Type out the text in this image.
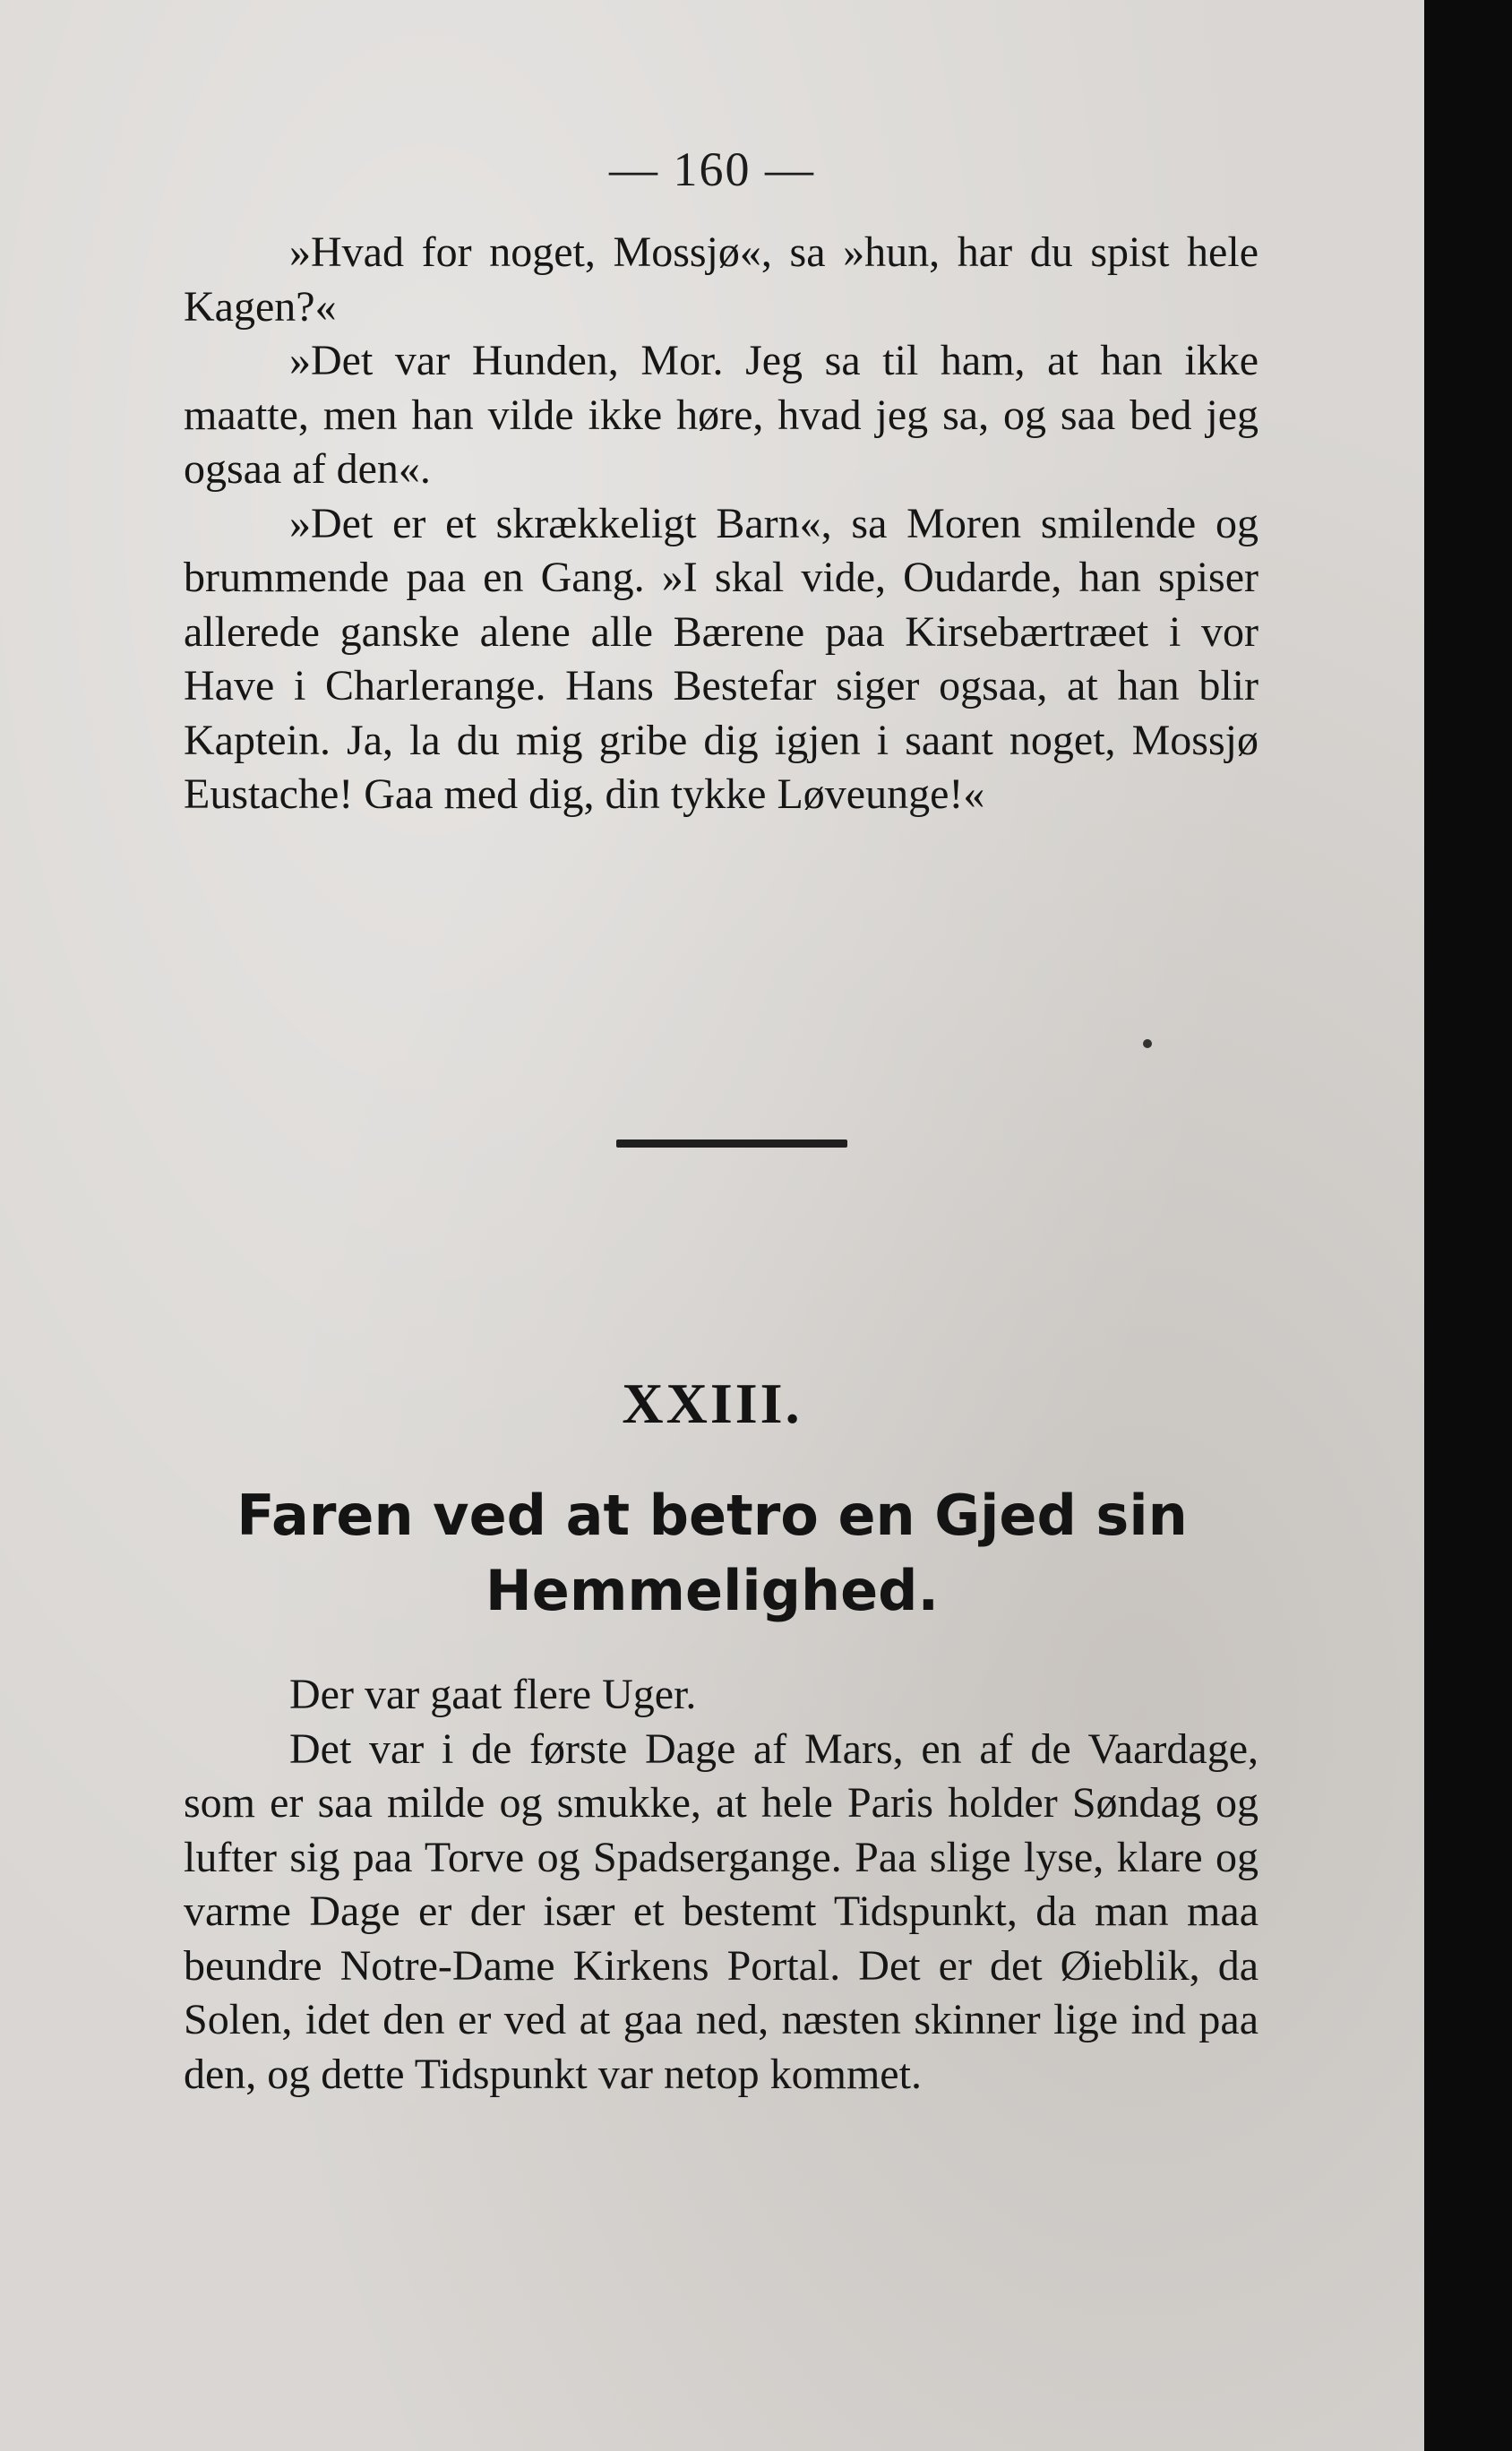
— 160 —

»Hvad for noget, Mossjø«, sa »hun, har du spist hele Kagen?«

»Det var Hunden, Mor. Jeg sa til ham, at han ikke maatte, men han vilde ikke høre, hvad jeg sa, og saa bed jeg ogsaa af den«.

»Det er et skrækkeligt Barn«, sa Moren smilende og brummende paa en Gang. »I skal vide, Oudarde, han spiser allerede ganske alene alle Bærene paa Kirsebærtræet i vor Have i Charlerange. Hans Bestefar siger ogsaa, at han blir Kaptein. Ja, la du mig gribe dig igjen i saant noget, Mossjø Eustache! Gaa med dig, din tykke Løveunge!«

XXIII.
Faren ved at betro en Gjed sin
Hemmelighed.

Der var gaat flere Uger.

Det var i de første Dage af Mars, en af de Vaardage, som er saa milde og smukke, at hele Paris holder Søndag og lufter sig paa Torve og Spadsergange. Paa slige lyse, klare og varme Dage er der især et bestemt Tidspunkt, da man maa beundre Notre-Dame Kirkens Portal. Det er det Øieblik, da Solen, idet den er ved at gaa ned, næsten skinner lige ind paa den, og dette Tidspunkt var netop kommet.
